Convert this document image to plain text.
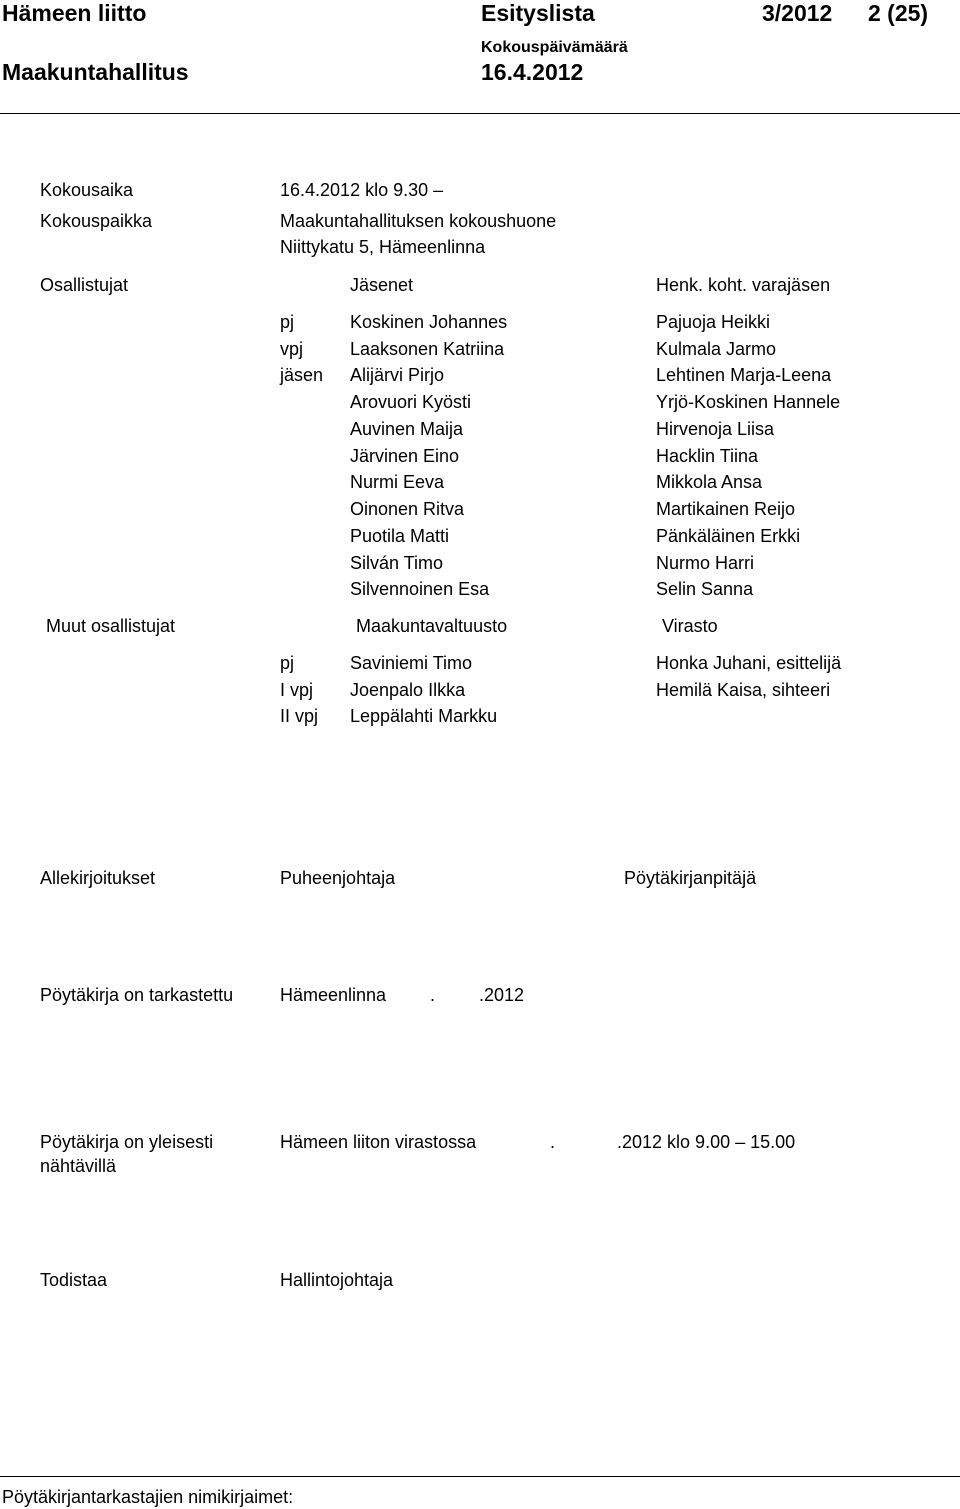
Hämeen liitto	Esityslista	3/2012 2 (25)
Kokouspäivämäärä
Maakuntahallitus	16.4.2012
Kokousaika	16.4.2012 klo 9.30 –
Kokouspaikka	Maakuntahallituksen kokoushuone
Niittykatu 5, Hämeenlinna
Osallistujat	Jäsenet	Henk. koht. varajäsen
pj	Koskinen Johannes	Pajuoja Heikki
vpj	Laaksonen Katriina	Kulmala Jarmo
jäsen Alijärvi Pirjo	Lehtinen Marja-Leena
Arovuori Kyösti	Yrjö-Koskinen Hannele
Auvinen Maija	Hirvenoja Liisa
Järvinen Eino	Hacklin Tiina
Nurmi Eeva	Mikkola Ansa
Oinonen Ritva	Martikainen Reijo
Puotila Matti	Pänkäläinen Erkki
Silván Timo	Nurmo Harri
Silvennoinen Esa	Selin Sanna
Muut osallistujat	Maakuntavaltuusto	Virasto
pj	Saviniemi Timo	Honka Juhani, esittelijä
I vpj Joenpalo Ilkka	Hemilä Kaisa, sihteeri
II vpj Leppälahti Markku
Allekirjoitukset	Puheenjohtaja	Pöytäkirjanpitäjä
Pöytäkirja on tarkastettu	Hämeenlinna . .2012
Pöytäkirja on yleisesti
nähtävillä
Hämeen liiton virastossa	.	.2012 klo 9.00 – 15.00
Todistaa	Hallintojohtaja
Pöytäkirjantarkastajien nimikirjaimet:
